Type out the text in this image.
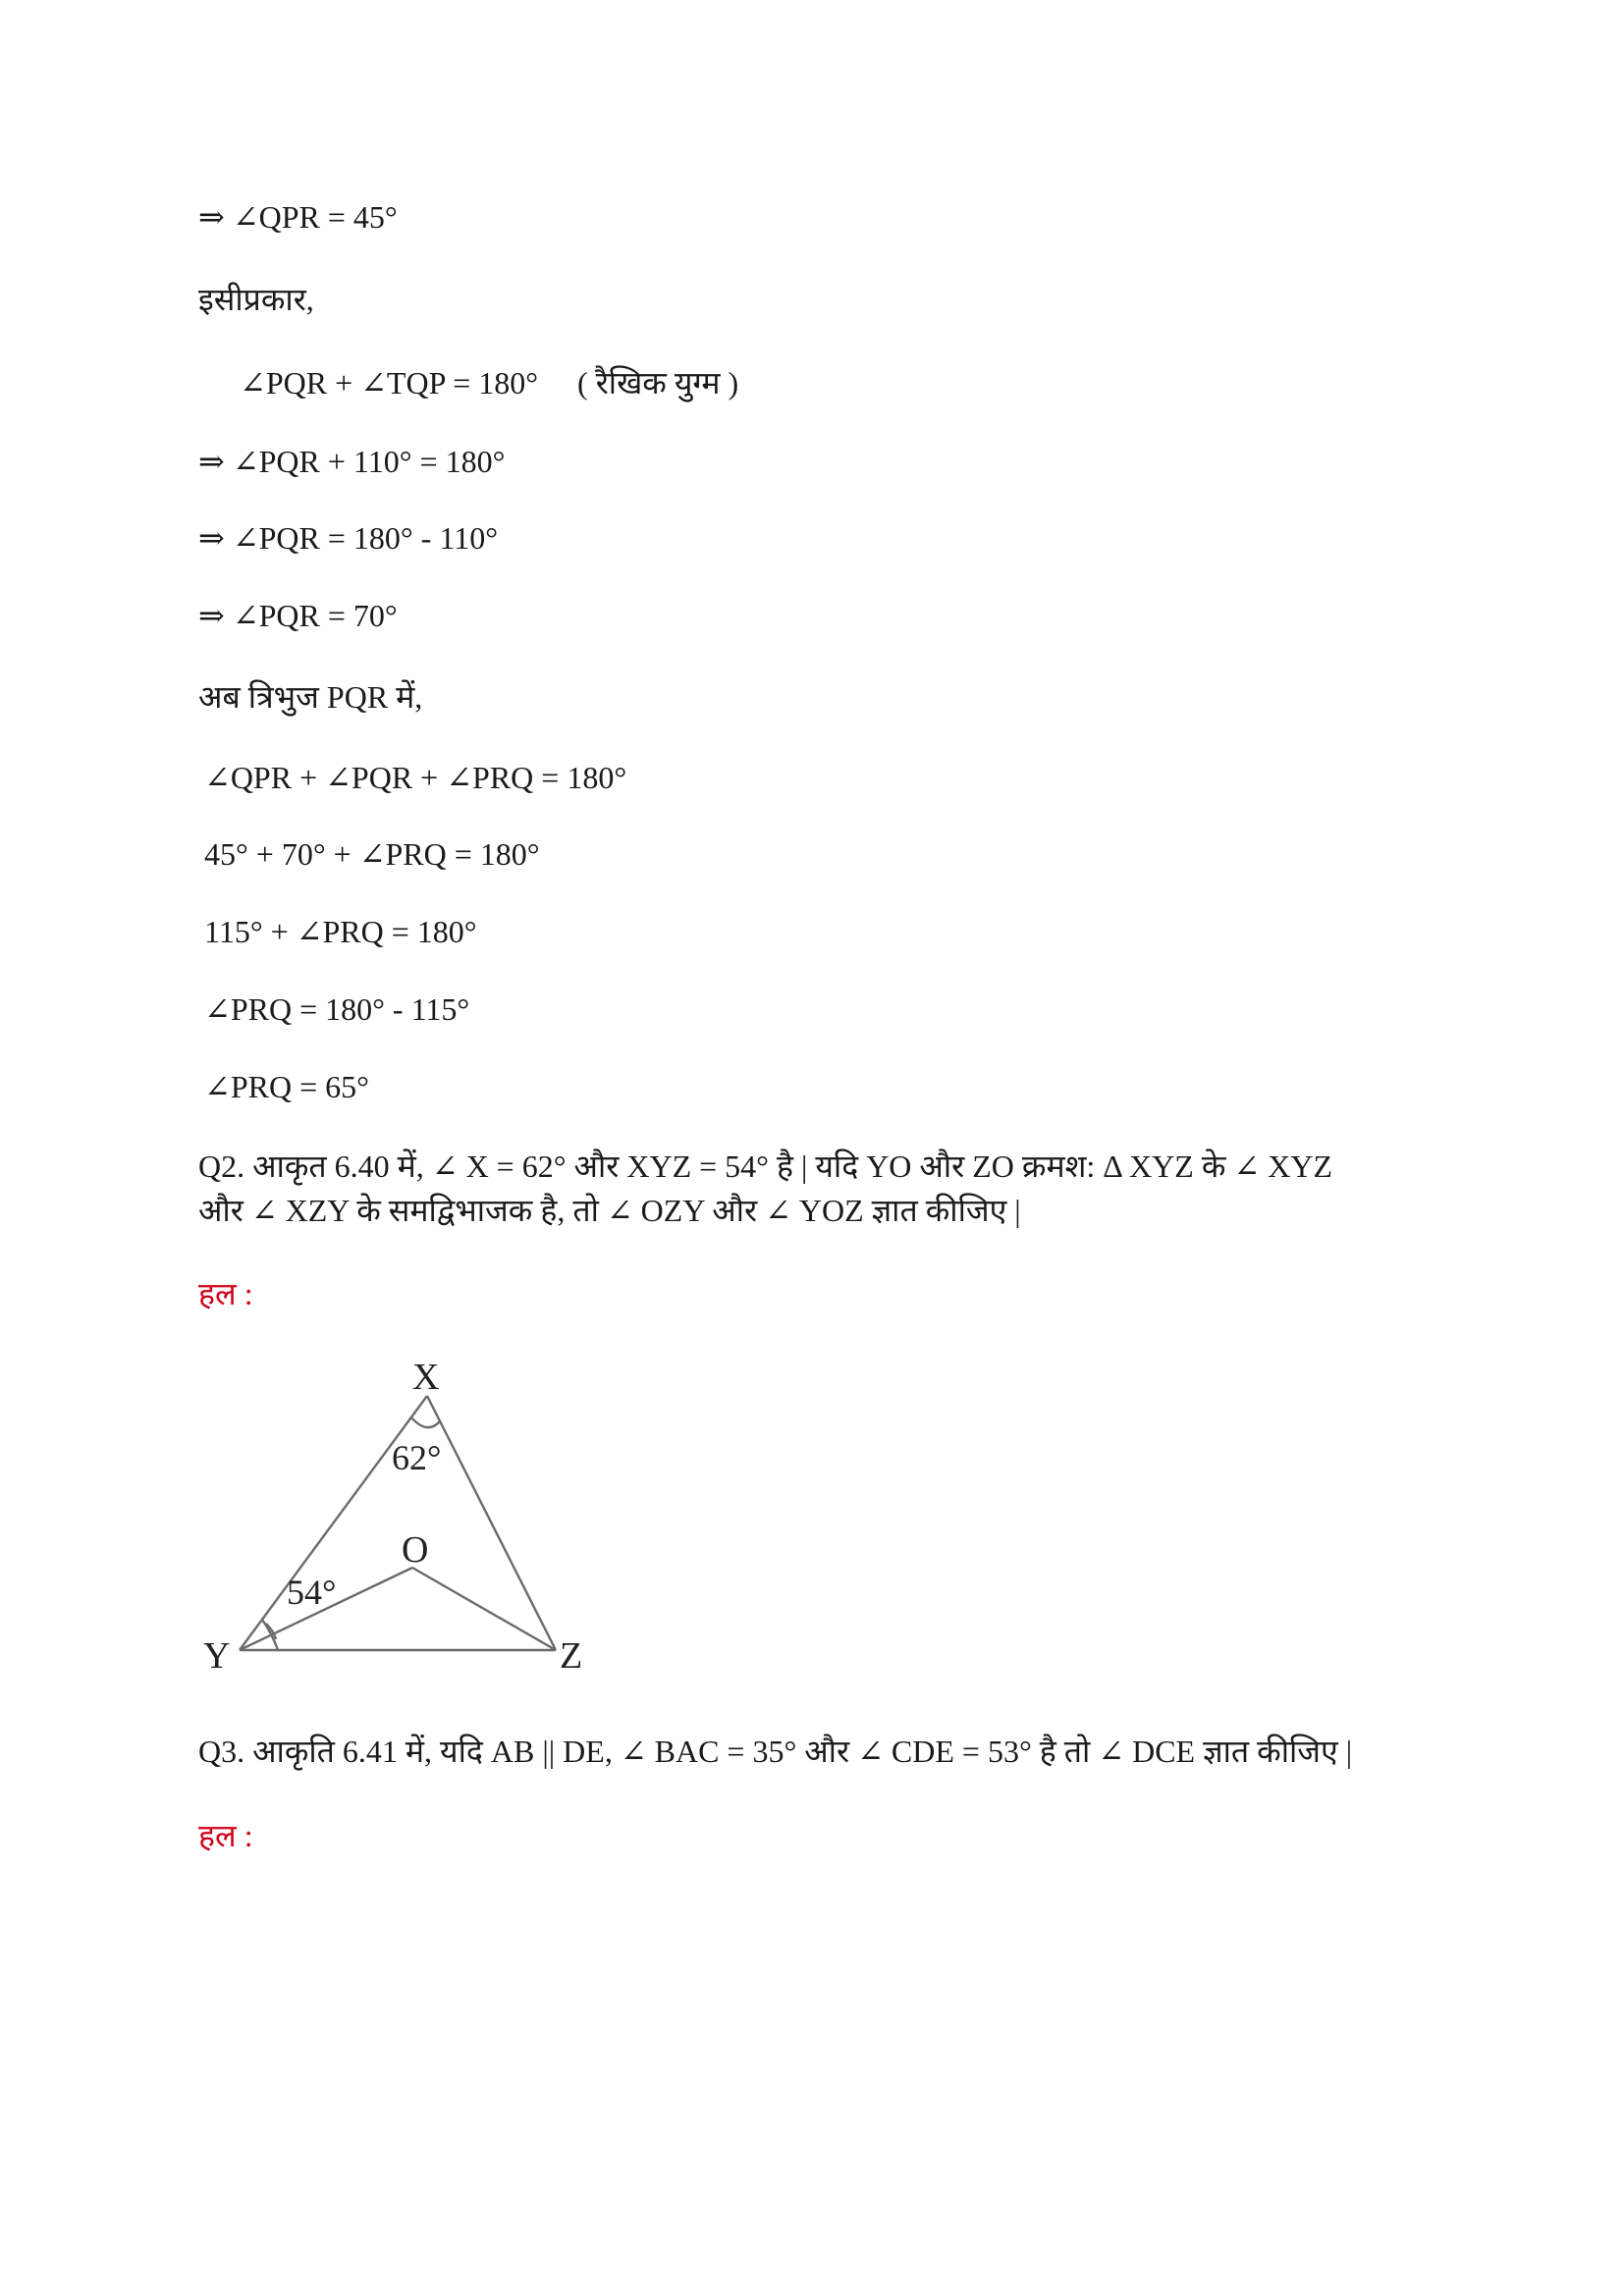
⇒ ∠QPR = 45°
इसीप्रकार,
∠PQR + ∠TQP = 180°     ( रैखिक युग्म )
⇒ ∠PQR + 110° = 180°
⇒ ∠PQR = 180° - 110°
⇒ ∠PQR = 70°
अब त्रिभुज PQR में,
∠QPR + ∠PQR + ∠PRQ = 180°
45° + 70° + ∠PRQ = 180°
115° + ∠PRQ = 180°
∠PRQ = 180° - 115°
∠PRQ = 65°
Q2. आकृत 6.40 में, ∠ X = 62° और XYZ = 54° है | यदि YO और ZO क्रमश: Δ XYZ के ∠ XYZ
और ∠ XZY के समद्विभाजक है, तो ∠ OZY और ∠ YOZ ज्ञात कीजिए |
हल :
X
Y	Z
O
62°
54°
Q3. आकृति 6.41 में, यदि AB || DE, ∠ BAC = 35° और ∠ CDE = 53° है तो ∠ DCE ज्ञात कीजिए |
हल :
